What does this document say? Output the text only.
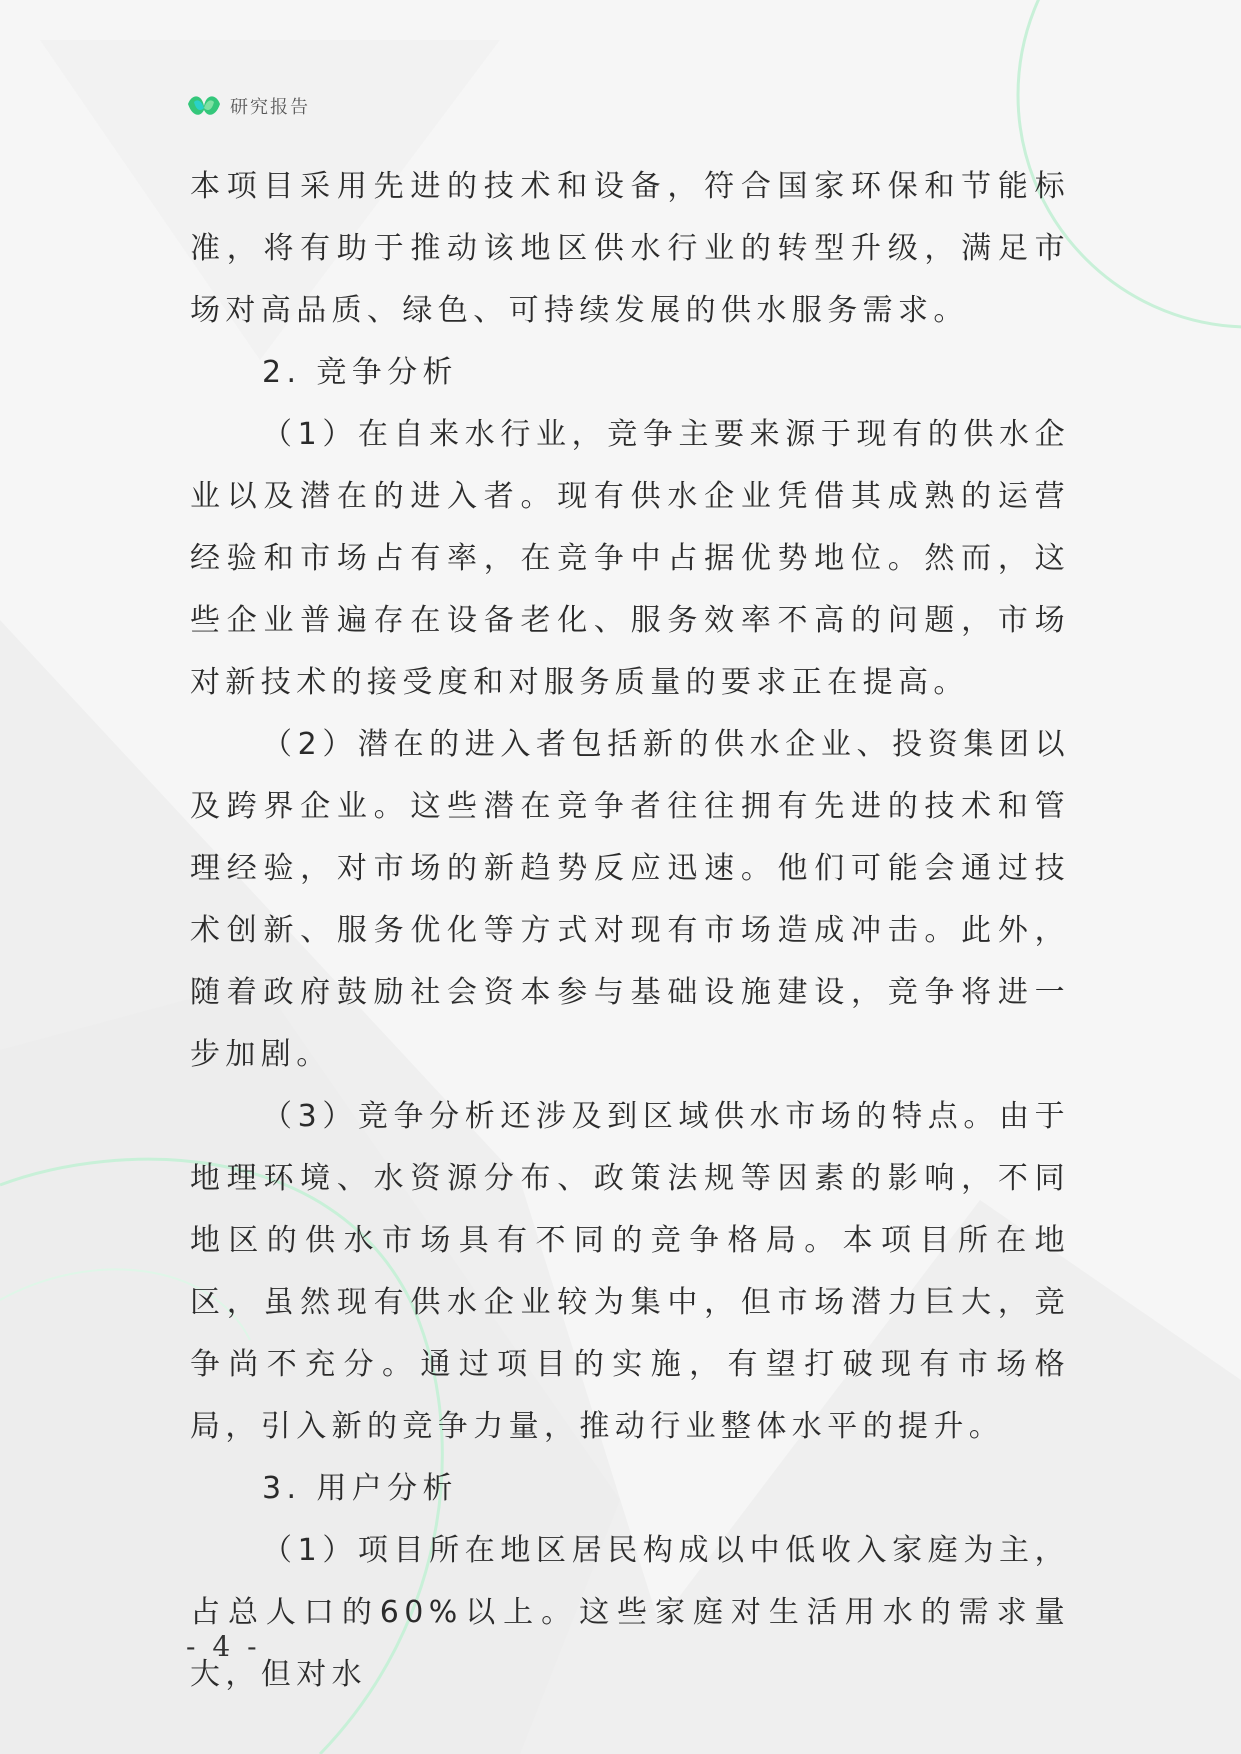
研究报告

本项目采用先进的技术和设备，符合国家环保和节能标准，将有助于推动该地区供水行业的转型升级，满足市场对高品质、绿色、可持续发展的供水服务需求。

2. 竞争分析

（1）在自来水行业，竞争主要来源于现有的供水企业以及潜在的进入者。现有供水企业凭借其成熟的运营经验和市场占有率，在竞争中占据优势地位。然而，这些企业普遍存在设备老化、服务效率不高的问题，市场对新技术的接受度和对服务质量的要求正在提高。

（2）潜在的进入者包括新的供水企业、投资集团以及跨界企业。这些潜在竞争者往往拥有先进的技术和管理经验，对市场的新趋势反应迅速。他们可能会通过技术创新、服务优化等方式对现有市场造成冲击。此外，随着政府鼓励社会资本参与基础设施建设，竞争将进一步加剧。

（3）竞争分析还涉及到区域供水市场的特点。由于地理环境、水资源分布、政策法规等因素的影响，不同地区的供水市场具有不同的竞争格局。本项目所在地区，虽然现有供水企业较为集中，但市场潜力巨大，竞争尚不充分。通过项目的实施，有望打破现有市场格局，引入新的竞争力量，推动行业整体水平的提升。

3. 用户分析

（1）项目所在地区居民构成以中低收入家庭为主，占总人口的60%以上。这些家庭对生活用水的需求量大，但对水

- 4 -
